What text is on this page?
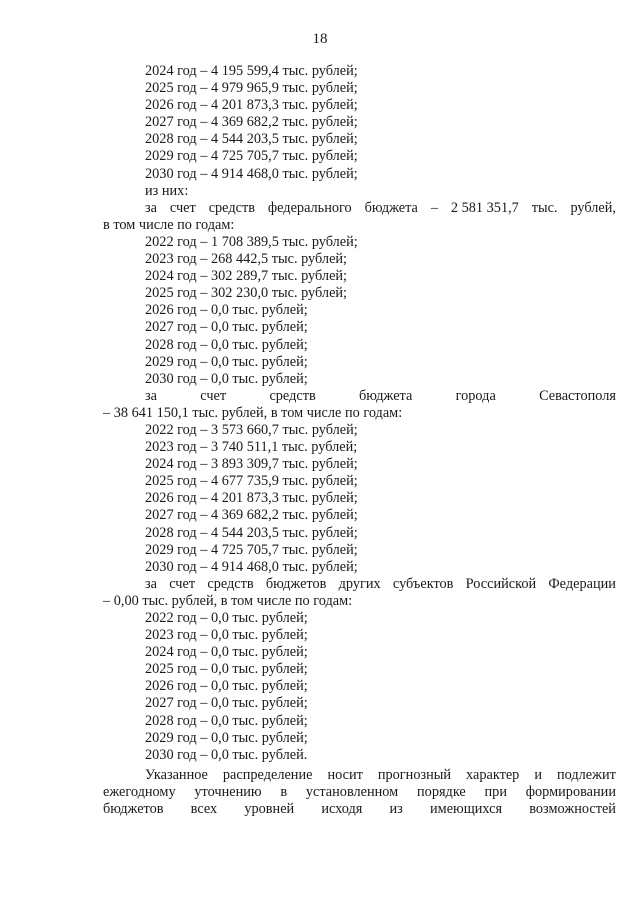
18
2024 год – 4 195 599,4 тыс. рублей;
2025 год – 4 979 965,9 тыс. рублей;
2026 год – 4 201 873,3 тыс. рублей;
2027 год – 4 369 682,2 тыс. рублей;
2028 год – 4 544 203,5 тыс. рублей;
2029 год – 4 725 705,7 тыс. рублей;
2030 год – 4 914 468,0 тыс. рублей;
из них:
за счет средств федерального бюджета – 2 581 351,7 тыс. рублей,
в том числе по годам:
2022 год – 1 708 389,5 тыс. рублей;
2023 год – 268 442,5 тыс. рублей;
2024 год – 302 289,7 тыс. рублей;
2025 год – 302 230,0 тыс. рублей;
2026 год – 0,0 тыс. рублей;
2027 год – 0,0 тыс. рублей;
2028 год – 0,0 тыс. рублей;
2029 год – 0,0 тыс. рублей;
2030 год – 0,0 тыс. рублей;
за	счет	средств	бюджета	города	Севастополя
– 38 641 150,1 тыс. рублей, в том числе по годам:
2022 год – 3 573 660,7 тыс. рублей;
2023 год – 3 740 511,1 тыс. рублей;
2024 год – 3 893 309,7 тыс. рублей;
2025 год – 4 677 735,9 тыс. рублей;
2026 год – 4 201 873,3 тыс. рублей;
2027 год – 4 369 682,2 тыс. рублей;
2028 год – 4 544 203,5 тыс. рублей;
2029 год – 4 725 705,7 тыс. рублей;
2030 год – 4 914 468,0 тыс. рублей;
за счет средств бюджетов других субъектов Российской Федерации
– 0,00 тыс. рублей, в том числе по годам:
2022 год – 0,0 тыс. рублей;
2023 год – 0,0 тыс. рублей;
2024 год – 0,0 тыс. рублей;
2025 год – 0,0 тыс. рублей;
2026 год – 0,0 тыс. рублей;
2027 год – 0,0 тыс. рублей;
2028 год – 0,0 тыс. рублей;
2029 год – 0,0 тыс. рублей;
2030 год – 0,0 тыс. рублей.
Указанное распределение носит прогнозный характер и подлежит
ежегодному уточнению в установленном порядке при формировании
бюджетов всех уровней исходя из имеющихся возможностей
